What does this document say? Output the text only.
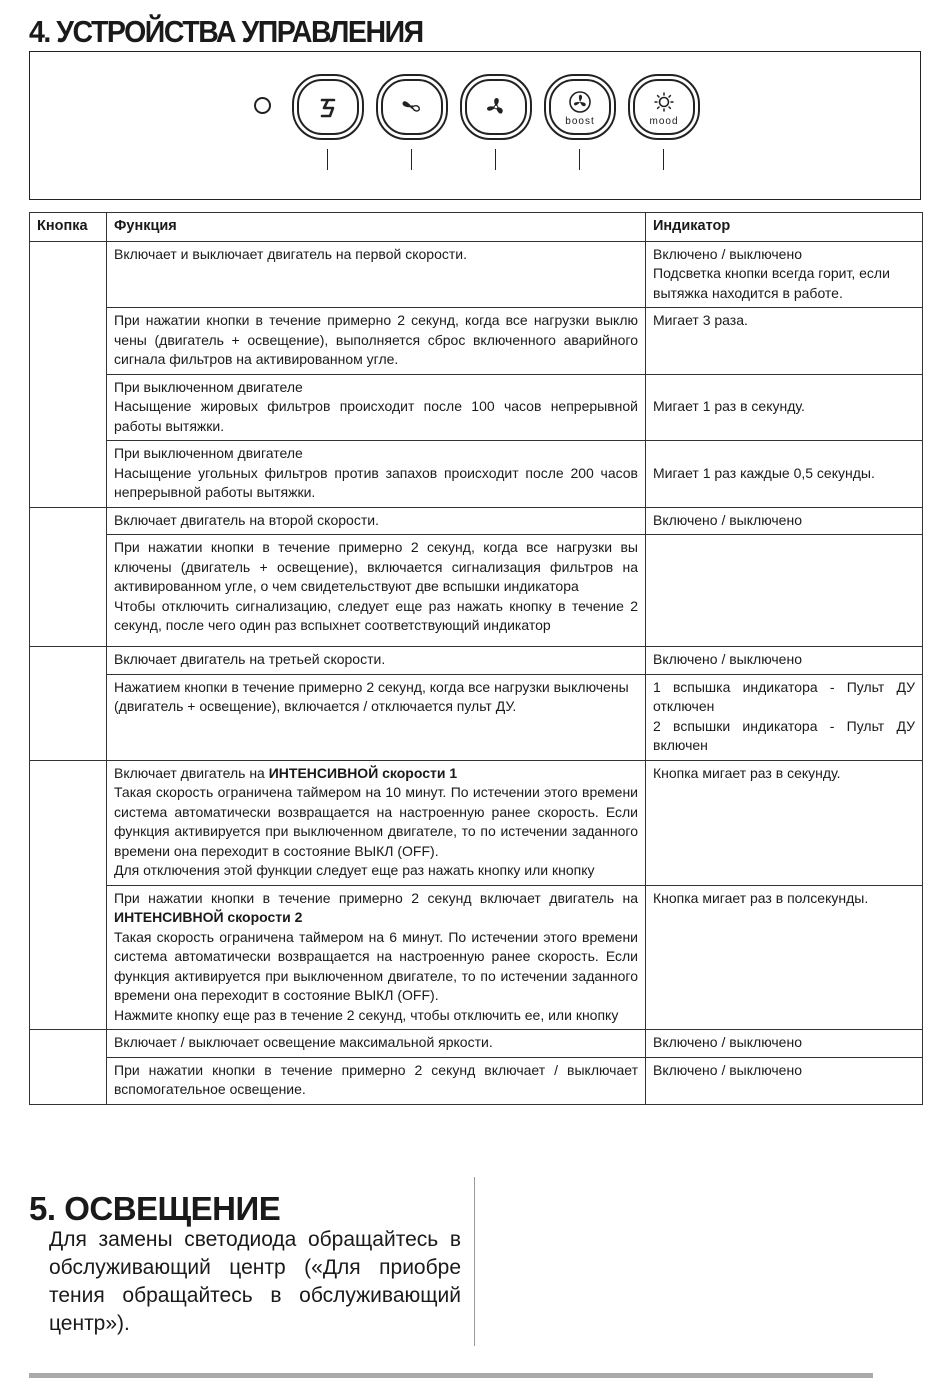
4. УСТРОЙСТВА УПРАВЛЕНИЯ
boost	mood
Кнопка	Функция	Индикатор
	Включает и выключает двигатель на первой скорости.	Включено / выключено
Подсветка кнопки всегда горит, если вытяжка находится в работе.

	При нажатии кнопки в течение примерно 2 секунд, когда все нагрузки выклю чены (двигатель + освещение), выполняется сброс включенного аварийного сигнала фильтров на активированном угле.	Мигает 3 раза.

	При выключенном двигателе
Насыщение жировых фильтров происходит после 100 часов непрерывной работы вытяжки.	Мигает 1 раз в секунду.

	При выключенном двигателе
Насыщение угольных фильтров против запахов происходит после 200 часов непрерывной работы вытяжки.	Мигает 1 раз каждые 0,5 секунды.
	Включает двигатель на второй скорости.	Включено / выключено

	При нажатии кнопки в течение примерно 2 секунд, когда все нагрузки вы ключены (двигатель + освещение), включается сигнализация фильтров на активированном угле, о чем свидетельствуют две вспышки индикатора
Чтобы отключить сигнализацию, следует еще раз нажать кнопку в течение 2 секунд, после чего один раз вспыхнет соответствующий индикатор	

	Включает двигатель на третьей скорости.	Включено / выключено
	Нажатием кнопки в течение примерно 2 секунд, когда все нагрузки выключены (двигатель + освещение), включается / отключается пульт ДУ.	1 вспышка индикатора - Пульт ДУ отключен
2 вспышки индикатора - Пульт ДУ включен

	Включает двигатель на ИНТЕНСИВНОЙ скорости 1
Такая скорость ограничена таймером на 10 минут. По истечении этого времени система автоматически возвращается на настроенную ранее скорость. Если функция активируется при выключенном двигателе, то по истечении заданного времени она переходит в состояние ВЫКЛ (OFF).
Для отключения этой функции следует еще раз нажать кнопку или кнопку	Кнопка мигает раз в секунду.

	При нажатии кнопки в течение примерно 2 секунд включает двигатель на ИНТЕНСИВНОЙ скорости 2
Такая скорость ограничена таймером на 6 минут. По истечении этого времени система автоматически возвращается на настроенную ранее скорость. Если функция активируется при выключенном двигателе, то по истечении заданного времени она переходит в состояние ВЫКЛ (OFF).
Нажмите кнопку еще раз в течение 2 секунд, чтобы отключить ее, или кнопку	Кнопка мигает раз в полсекунды.
	Включает / выключает освещение максимальной яркости.	Включено / выключено
	При нажатии кнопки в течение примерно 2 секунд включает / выключает вспомогательное освещение.	Включено / выключено
5. ОСВЕЩЕНИЕ

Для замены светодиода обращайтесь в обслуживающий центр («Для приобре тения обращайтесь в обслуживающий центр»).
